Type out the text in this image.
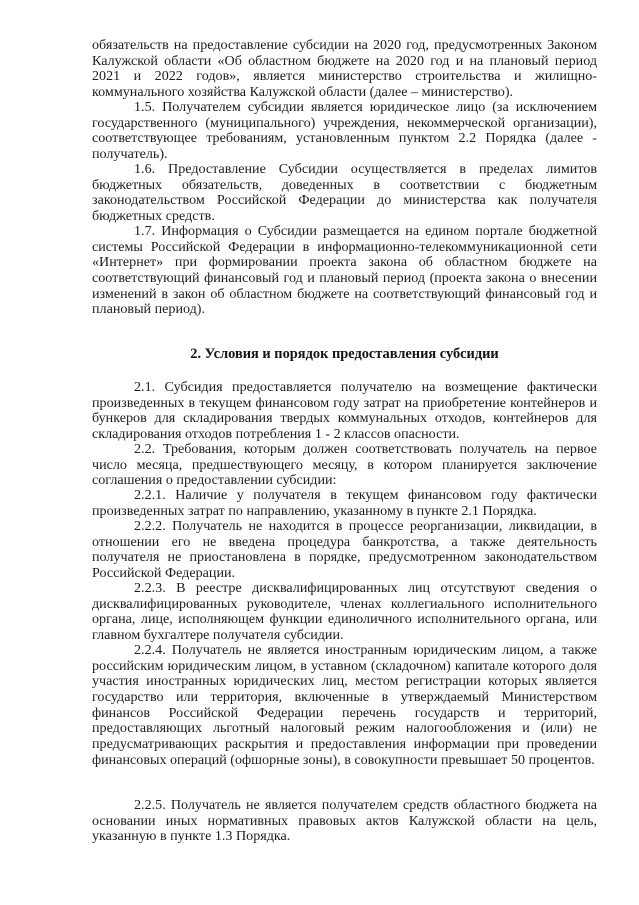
обязательств на предоставление субсидии на 2020 год, предусмотренных Законом Калужской области «Об областном бюджете на 2020 год и на плановый период 2021 и 2022 годов», является министерство строительства и жилищно-коммунального хозяйства Калужской области (далее – министерство).

1.5. Получателем субсидии является юридическое лицо (за исключением государственного (муниципального) учреждения, некоммерческой организации), соответствующее требованиям, установленным пунктом 2.2 Порядка (далее - получатель).

1.6. Предоставление Субсидии осуществляется в пределах лимитов бюджетных обязательств, доведенных в соответствии с бюджетным законодательством Российской Федерации до министерства как получателя бюджетных средств.

1.7. Информация о Субсидии размещается на едином портале бюджетной системы Российской Федерации в информационно-телекоммуникационной сети «Интернет» при формировании проекта закона об областном бюджете на соответствующий финансовый год и плановый период (проекта закона о внесении изменений в закон об областном бюджете на соответствующий финансовый год и плановый период).

2. Условия и порядок предоставления субсидии

2.1. Субсидия предоставляется получателю на возмещение фактически произведенных в текущем финансовом году затрат на приобретение контейнеров и бункеров для складирования твердых коммунальных отходов, контейнеров для складирования отходов потребления 1 - 2 классов опасности.

2.2. Требования, которым должен соответствовать получатель на первое число месяца, предшествующего месяцу, в котором планируется заключение соглашения о предоставлении субсидии:

2.2.1. Наличие у получателя в текущем финансовом году фактически произведенных затрат по направлению, указанному в пункте 2.1 Порядка.

2.2.2. Получатель не находится в процессе реорганизации, ликвидации, в отношении его не введена процедура банкротства, а также деятельность получателя не приостановлена в порядке, предусмотренном законодательством Российской Федерации.

2.2.3. В реестре дисквалифицированных лиц отсутствуют сведения о дисквалифицированных руководителе, членах коллегиального исполнительного органа, лице, исполняющем функции единоличного исполнительного органа, или главном бухгалтере получателя субсидии.

2.2.4. Получатель не является иностранным юридическим лицом, а также российским юридическим лицом, в уставном (складочном) капитале которого доля участия иностранных юридических лиц, местом регистрации которых является государство или территория, включенные в утверждаемый Министерством финансов Российской Федерации перечень государств и территорий, предоставляющих льготный налоговый режим налогообложения и (или) не предусматривающих раскрытия и предоставления информации при проведении финансовых операций (офшорные зоны), в совокупности превышает 50 процентов.

2.2.5. Получатель не является получателем средств областного бюджета на основании иных нормативных правовых актов Калужской области на цель, указанную в пункте 1.3 Порядка.
